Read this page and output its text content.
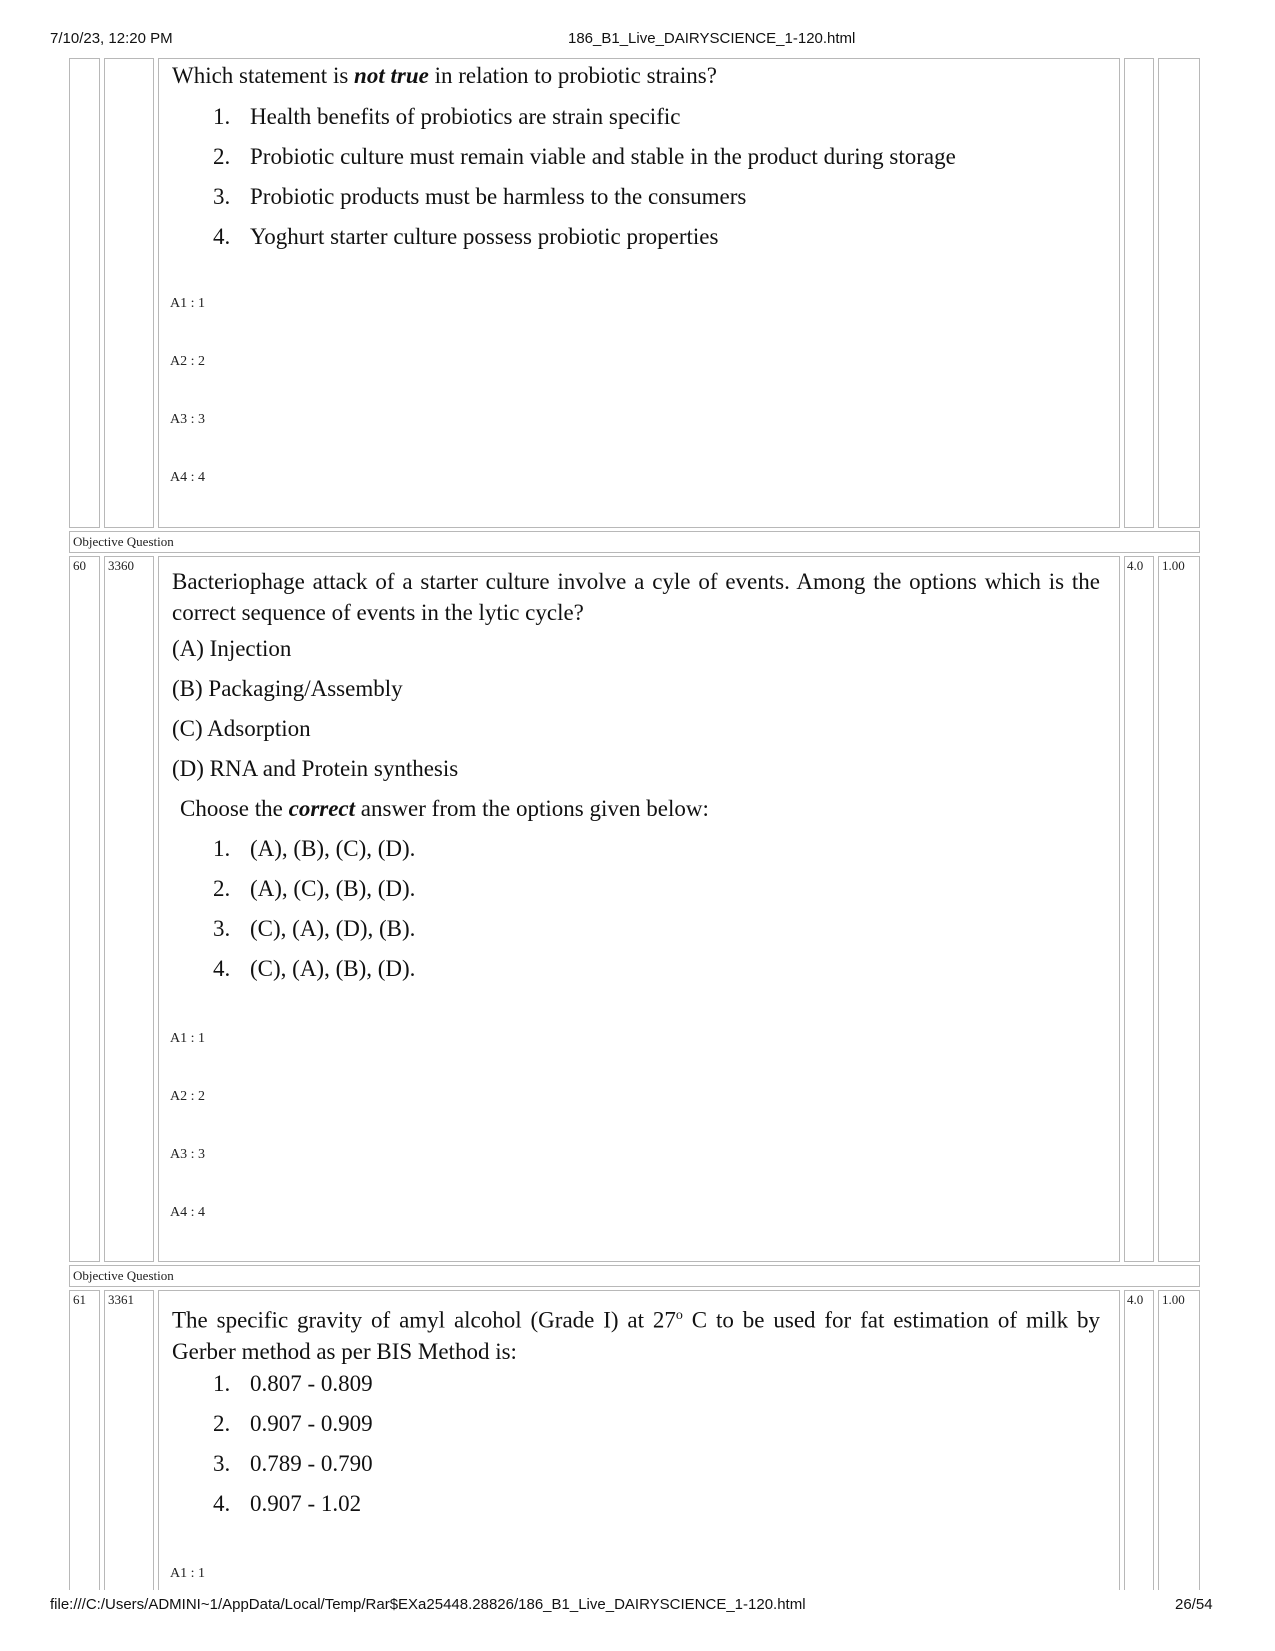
7/10/23, 12:20 PM	186_B1_Live_DAIRYSCIENCE_1-120.html
Which statement is not true in relation to probiotic strains?
1. Health benefits of probiotics are strain specific
2. Probiotic culture must remain viable and stable in the product during storage
3. Probiotic products must be harmless to the consumers
4. Yoghurt starter culture possess probiotic properties
A1 : 1
A2 : 2
A3 : 3
A4 : 4
Objective Question
60 3360	4.0 1.00
Bacteriophage attack of a starter culture involve a cyle of events. Among the options which is the correct sequence of events in the lytic cycle?
(A) Injection
(B) Packaging/Assembly
(C) Adsorption
(D) RNA and Protein synthesis
Choose the correct answer from the options given below:
1. (A), (B), (C), (D).
2. (A), (C), (B), (D).
3. (C), (A), (D), (B).
4. (C), (A), (B), (D).
A1 : 1
A2 : 2
A3 : 3
A4 : 4
Objective Question
61 3361	4.0 1.00
The specific gravity of amyl alcohol (Grade I) at 27$^o$ C to be used for fat estimation of milk by Gerber method as per BIS Method is:
1. 0.807 - 0.809
2. 0.907 - 0.909
3. 0.789 - 0.790
4. 0.907 - 1.02
A1 : 1
file:///C:/Users/ADMINI~1/AppData/Local/Temp/Rar$EXa25448.28826/186_B1_Live_DAIRYSCIENCE_1-120.html	26/54
